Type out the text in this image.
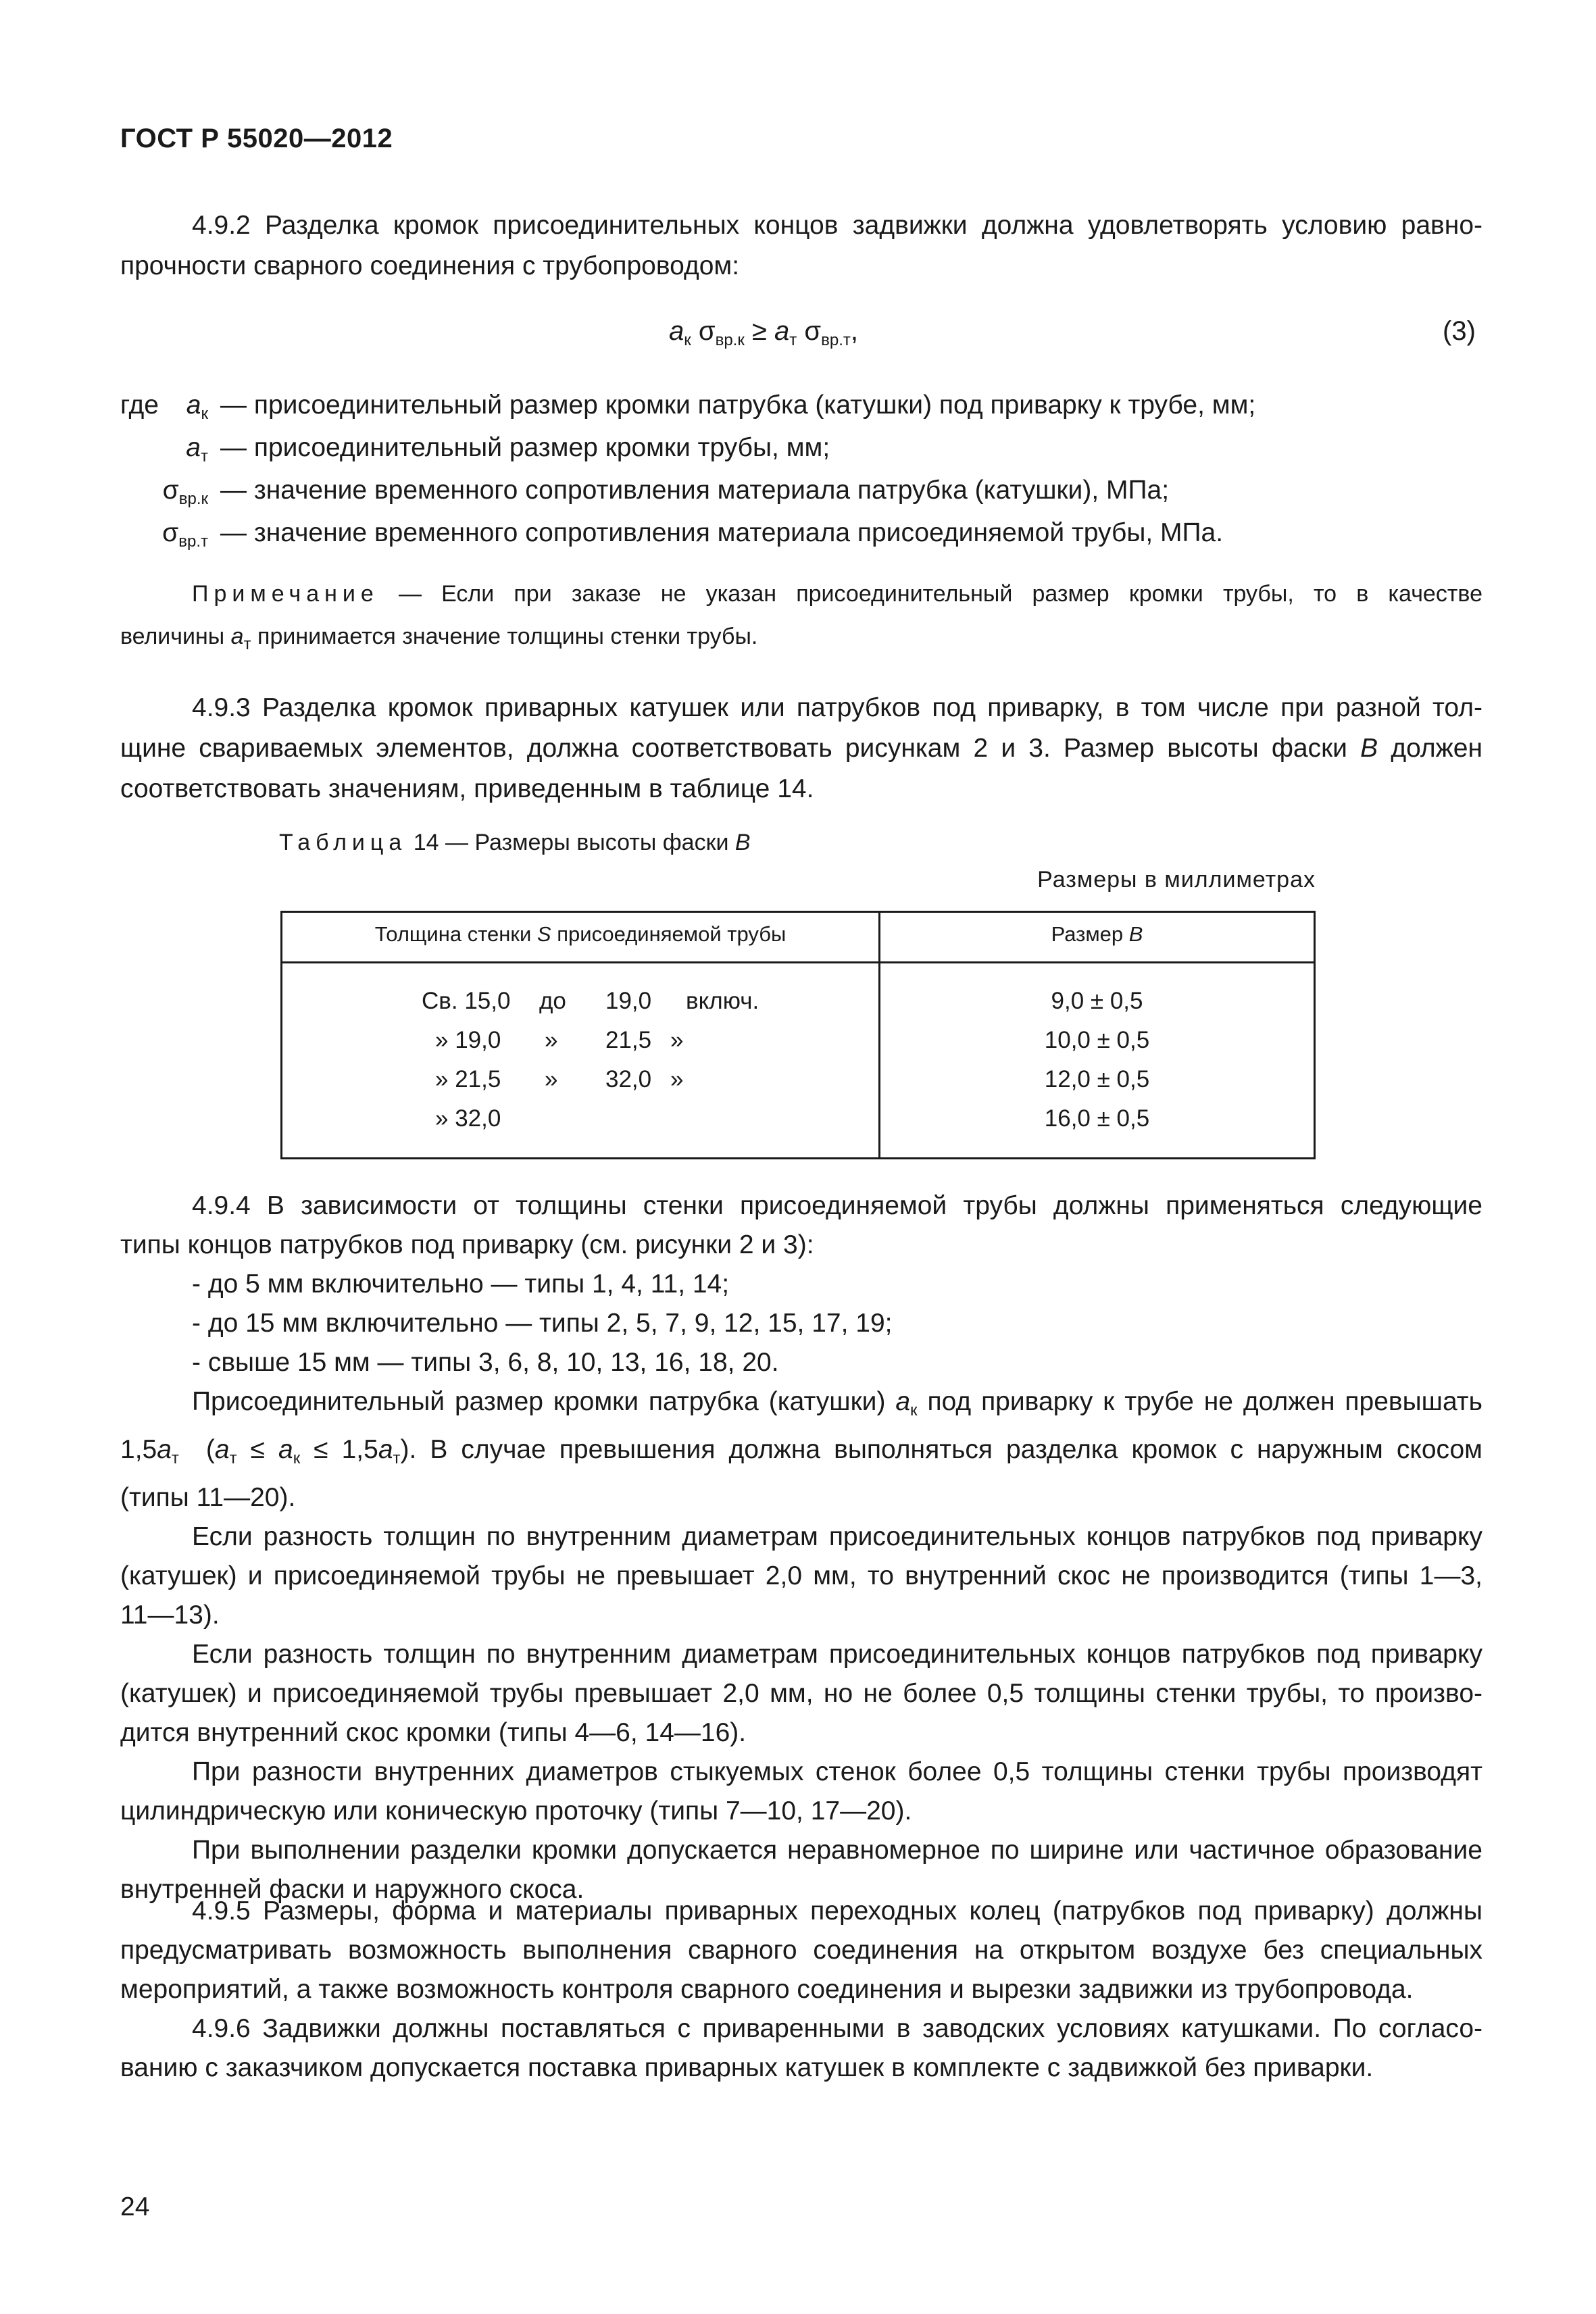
ГОСТ Р 55020—2012
4.9.2 Разделка кромок присоединительных концов задвижки должна удовлетворять условию равно-
прочности сварного соединения с трубопроводом:
$a_к$ $\sigma_{вр.к} \ge a_т$ $\sigma_{вр.т}$,	(3)
где	$a_к$ — присоединительный размер кромки патрубка (катушки) под приварку к трубе, мм;
$a_т$ — присоединительный размер кромки трубы, мм;
$\sigma_{вр.к}$ — значение временного сопротивления материала патрубка (катушки), МПа;
$\sigma_{вр.т}$ — значение временного сопротивления материала присоединяемой трубы, МПа.
Примечание — Если при заказе не указан присоединительный размер кромки трубы, то в качестве
величины $a_т$ принимается значение толщины стенки трубы.
4.9.3 Разделка кромок приварных катушек или патрубков под приварку, в том числе при разной тол-
щине свариваемых элементов, должна соответствовать рисункам 2 и 3. Размер высоты фаски B должен
соответствовать значениям, приведенным в таблице 14.
Таблица 14 — Размеры высоты фаски B
Размеры в миллиметрах
Толщина стенки S присоединяемой трубы	Размер B
Св. 15,0 до 19,0 включ.	9,0 ± 0,5
» 19,0 » 21,5 »	10,0 ± 0,5
» 21,5 » 32,0 »	12,0 ± 0,5
» 32,0	16,0 ± 0,5
4.9.4 В зависимости от толщины стенки присоединяемой трубы должны применяться следующие
типы концов патрубков под приварку (см. рисунки 2 и 3):
- до 5 мм включительно — типы 1, 4, 11, 14;
- до 15 мм включительно — типы 2, 5, 7, 9, 12, 15, 17, 19;
- свыше 15 мм — типы 3, 6, 8, 10, 13, 16, 18, 20.
Присоединительный размер кромки патрубка (катушки) $a_к$ под приварку к трубе не должен превышать
$1,5a_т$  $(a_т \le a_к \le 1,5a_т)$. В случае превышения должна выполняться разделка кромок с наружным скосом
(типы 11—20).
Если разность толщин по внутренним диаметрам присоединительных концов патрубков под приварку
(катушек) и присоединяемой трубы не превышает 2,0 мм, то внутренний скос не производится (типы 1—3,
11—13).
Если разность толщин по внутренним диаметрам присоединительных концов патрубков под приварку
(катушек) и присоединяемой трубы превышает 2,0 мм, но не более 0,5 толщины стенки трубы, то произво-
дится внутренний скос кромки (типы 4—6, 14—16).
При разности внутренних диаметров стыкуемых стенок более 0,5 толщины стенки трубы производят
цилиндрическую или коническую проточку (типы 7—10, 17—20).
При выполнении разделки кромки допускается неравномерное по ширине или частичное образование
внутренней фаски и наружного скоса.
4.9.5 Размеры, форма и материалы приварных переходных колец (патрубков под приварку) должны
предусматривать возможность выполнения сварного соединения на открытом воздухе без специальных
мероприятий, а также возможность контроля сварного соединения и вырезки задвижки из трубопровода.
4.9.6 Задвижки должны поставляться с приваренными в заводских условиях катушками. По согласо-
ванию с заказчиком допускается поставка приварных катушек в комплекте с задвижкой без приварки.
24
